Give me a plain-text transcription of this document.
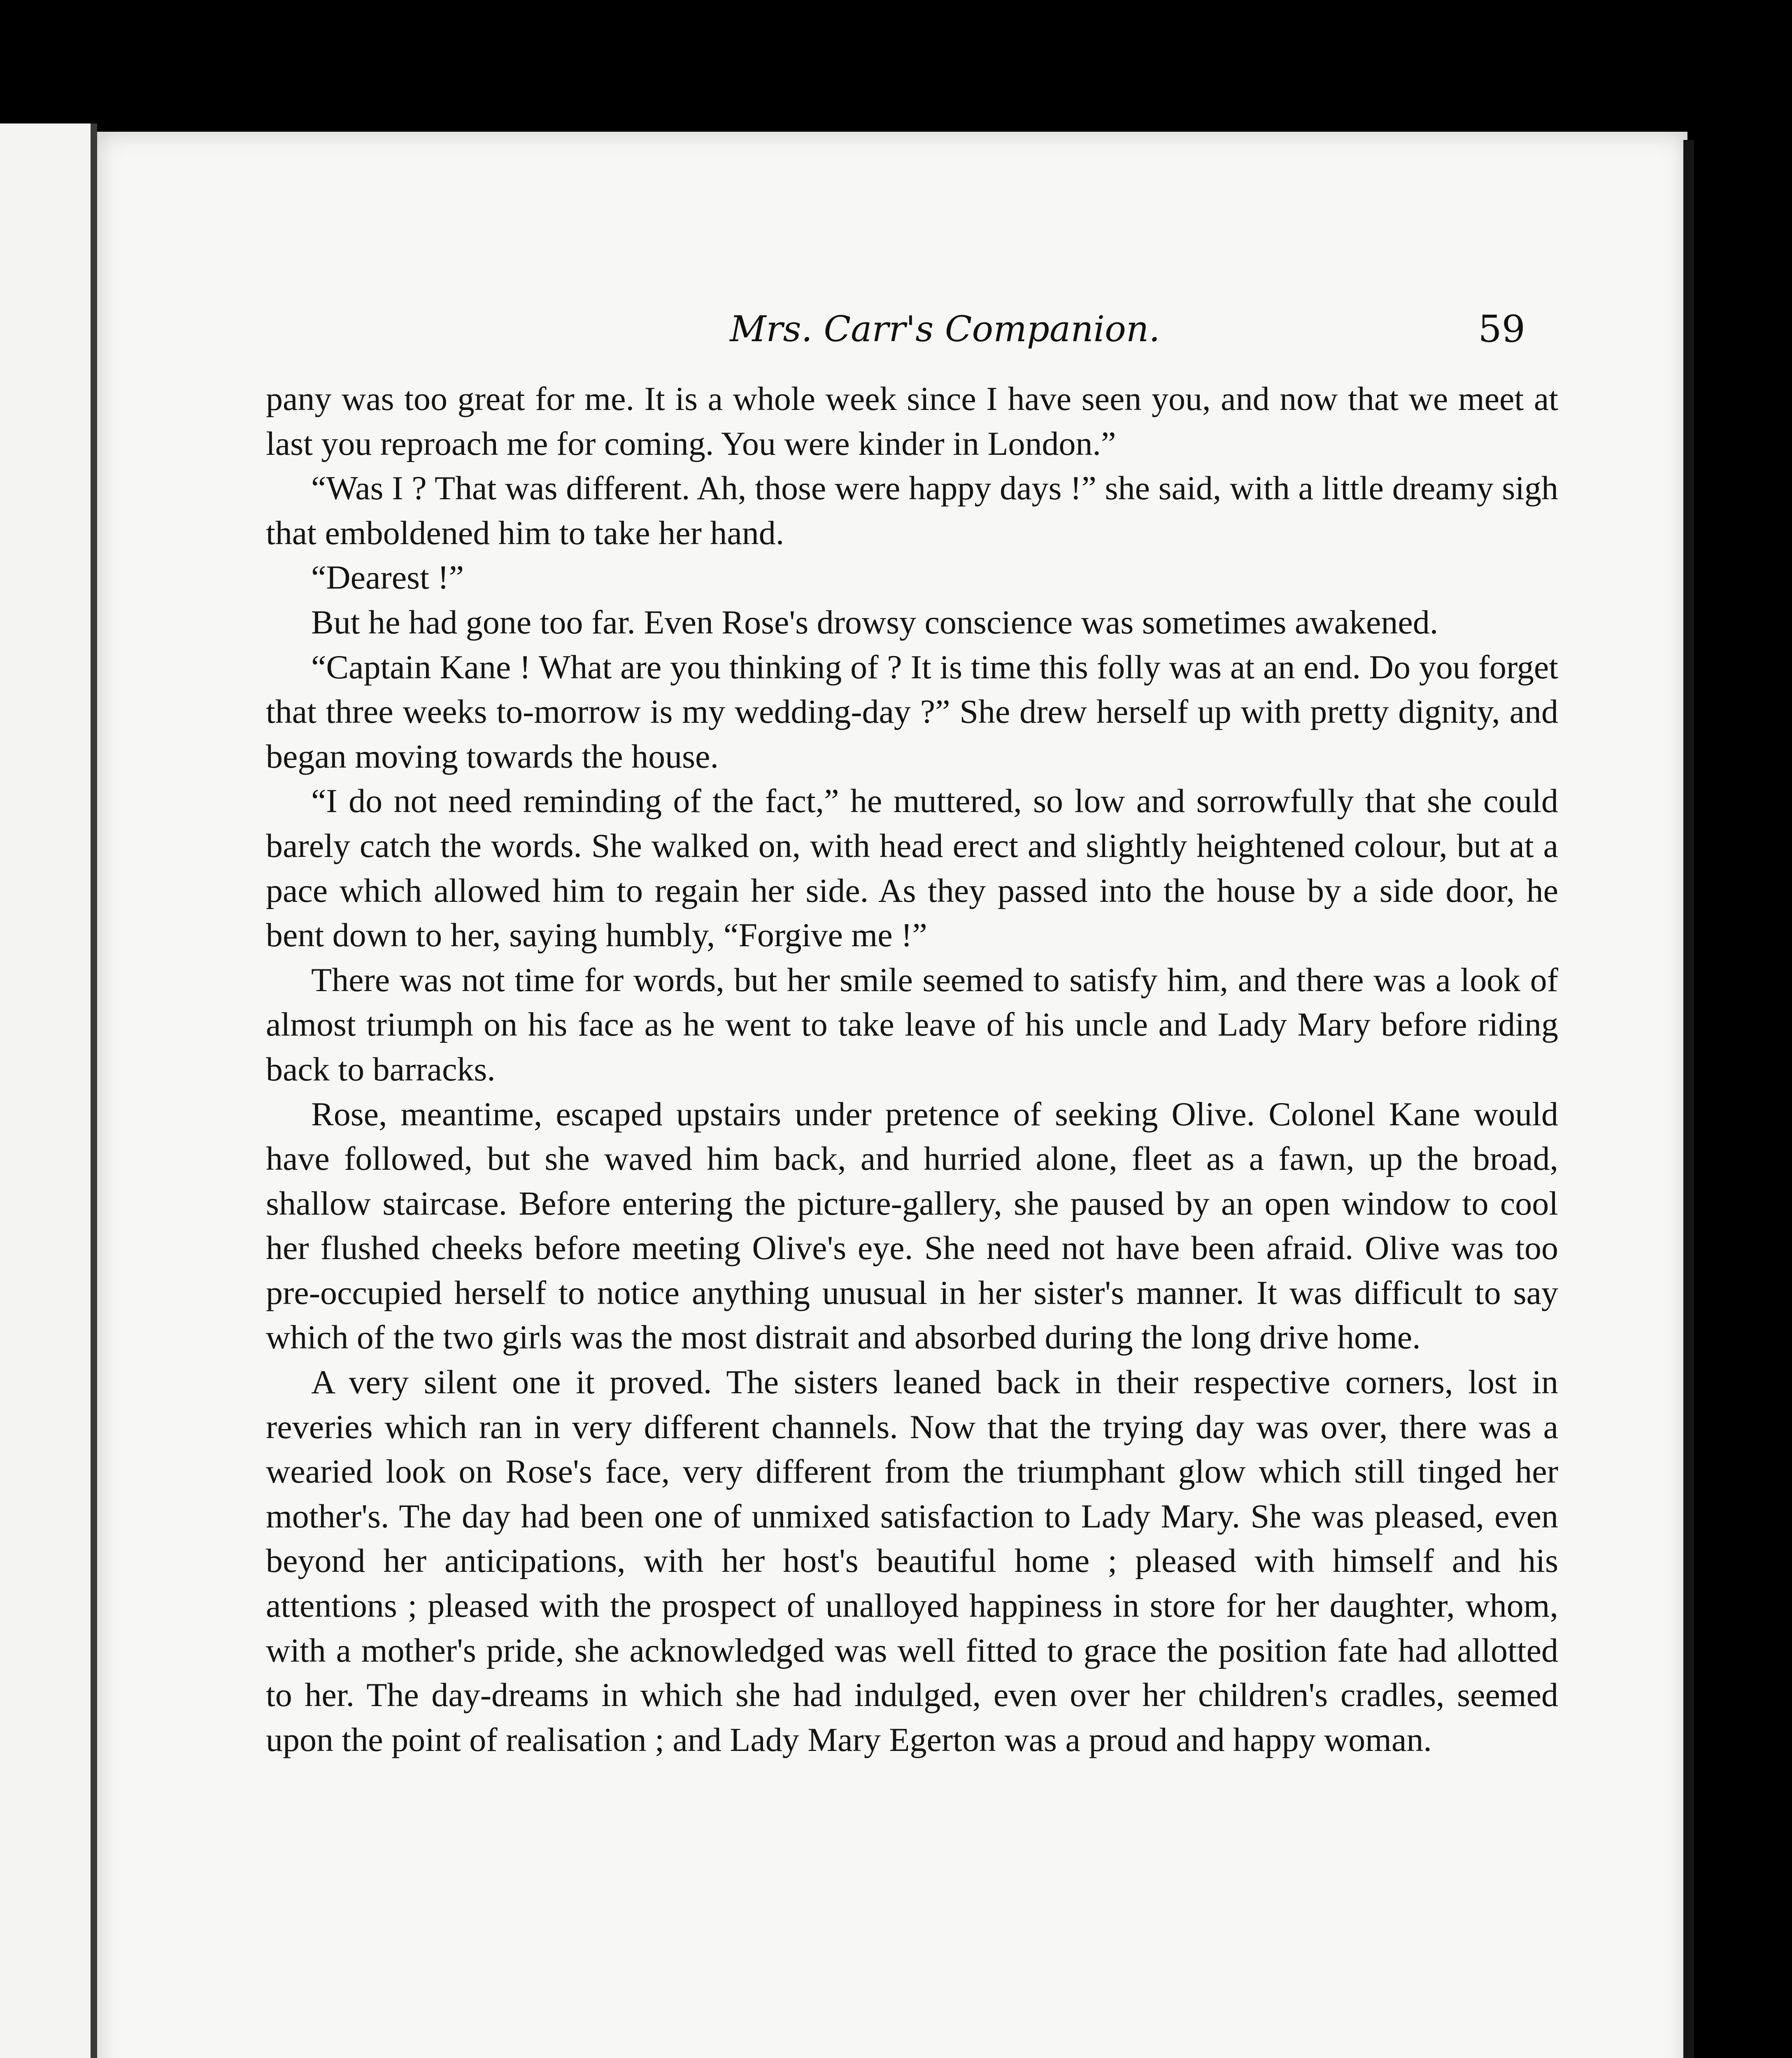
Mrs. Carr's Companion.	59

pany was too great for me. It is a whole week since I have seen you, and now that we meet at last you reproach me for coming. You were kinder in London.”

“Was I ? That was different. Ah, those were happy days !” she said, with a little dreamy sigh that emboldened him to take her hand.

“Dearest !”

But he had gone too far. Even Rose's drowsy conscience was sometimes awakened.

“Captain Kane ! What are you thinking of ? It is time this folly was at an end. Do you forget that three weeks to-morrow is my wedding-day ?” She drew herself up with pretty dignity, and began moving towards the house.

“I do not need reminding of the fact,” he muttered, so low and sorrowfully that she could barely catch the words. She walked on, with head erect and slightly heightened colour, but at a pace which allowed him to regain her side. As they passed into the house by a side door, he bent down to her, saying humbly, “Forgive me !”

There was not time for words, but her smile seemed to satisfy him, and there was a look of almost triumph on his face as he went to take leave of his uncle and Lady Mary before riding back to barracks.

Rose, meantime, escaped upstairs under pretence of seeking Olive. Colonel Kane would have followed, but she waved him back, and hurried alone, fleet as a fawn, up the broad, shallow staircase. Before entering the picture-gallery, she paused by an open window to cool her flushed cheeks before meeting Olive's eye. She need not have been afraid. Olive was too pre-occupied herself to notice anything unusual in her sister's manner. It was difficult to say which of the two girls was the most distrait and absorbed during the long drive home.

A very silent one it proved. The sisters leaned back in their respective corners, lost in reveries which ran in very different channels. Now that the trying day was over, there was a wearied look on Rose's face, very different from the triumphant glow which still tinged her mother's. The day had been one of unmixed satisfaction to Lady Mary. She was pleased, even beyond her anticipations, with her host's beautiful home ; pleased with himself and his attentions ; pleased with the prospect of unalloyed happiness in store for her daughter, whom, with a mother's pride, she acknowledged was well fitted to grace the position fate had allotted to her. The day-dreams in which she had indulged, even over her children's cradles, seemed upon the point of realisation ; and Lady Mary Egerton was a proud and happy woman.
